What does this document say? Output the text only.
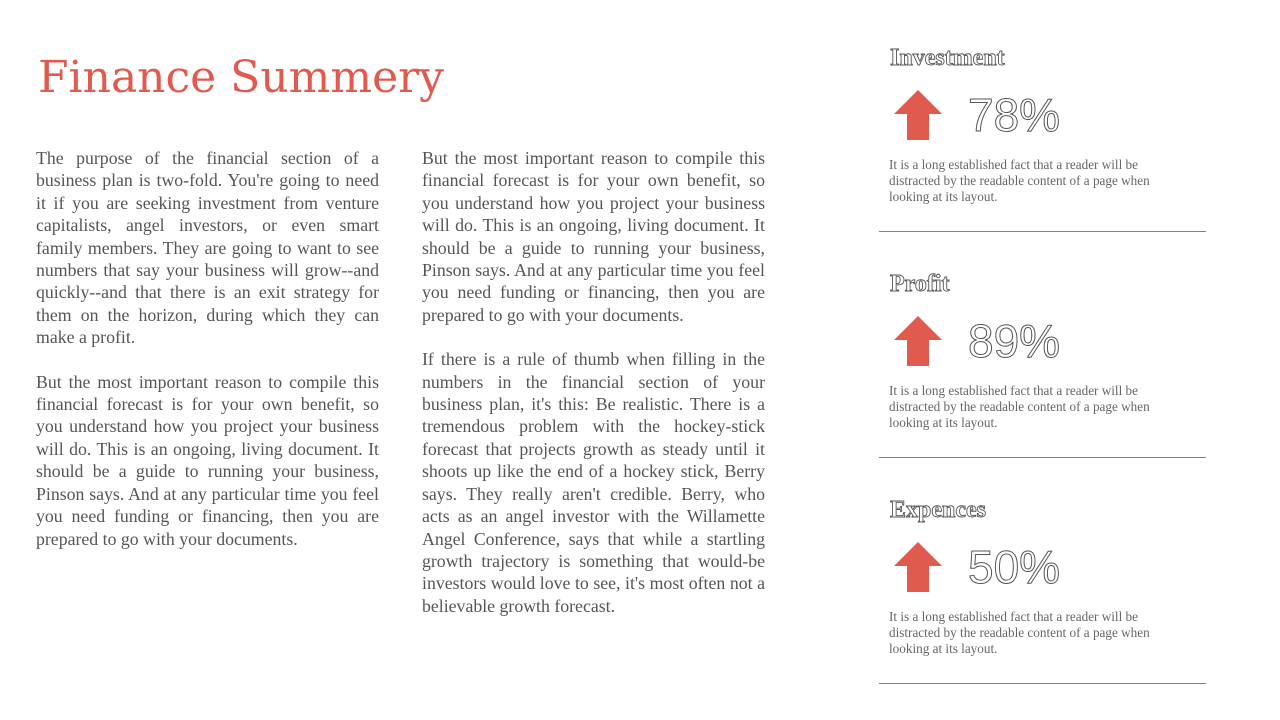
Finance Summery

The purpose of the financial section of a business plan is two-fold. You're going to need it if you are seeking investment from venture capitalists, angel investors, or even smart family members. They are going to want to see numbers that say your business will grow--and quickly--and that there is an exit strategy for them on the horizon, during which they can make a profit.

But the most important reason to compile this financial forecast is for your own benefit, so you understand how you project your business will do. This is an ongoing, living document. It should be a guide to running your business, Pinson says. And at any particular time you feel you need funding or financing, then you are prepared to go with your documents.

But the most important reason to compile this financial forecast is for your own benefit, so you understand how you project your business will do. This is an ongoing, living document. It should be a guide to running your business, Pinson says. And at any particular time you feel you need funding or financing, then you are prepared to go with your documents.

If there is a rule of thumb when filling in the numbers in the financial section of your business plan, it's this: Be realistic. There is a tremendous problem with the hockey-stick forecast that projects growth as steady until it shoots up like the end of a hockey stick, Berry says. They really aren't credible. Berry, who acts as an angel investor with the Willamette Angel Conference, says that while a startling growth trajectory is something that would-be investors would love to see, it's most often not a believable growth forecast.

Investment
78%

It is a long established fact that a reader will be distracted by the readable content of a page when looking at its layout.

Profit
89%

It is a long established fact that a reader will be distracted by the readable content of a page when looking at its layout.

Expences
50%

It is a long established fact that a reader will be distracted by the readable content of a page when looking at its layout.
